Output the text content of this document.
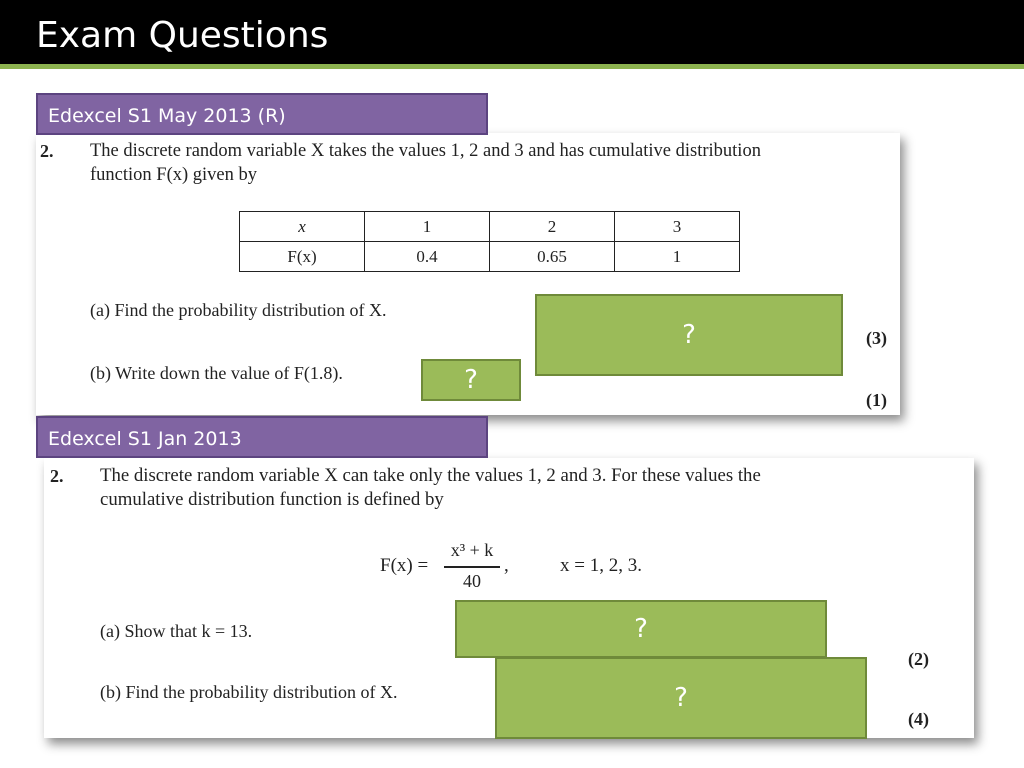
Exam Questions
2. The discrete random variable X takes the values 1, 2 and 3 and has cumulative distribution
function F(x) given by
x	1	2	3
F(x)	0.4	0.65	1
(a) Find the probability distribution of X.
(3)
(b) Write down the value of F(1.8).
(1)
Edexcel S1 May 2013 (R)
?
?
2. The discrete random variable X can take only the values 1, 2 and 3. For these values the
cumulative distribution function is defined by
F(x) =
x³ + k
40
,	x = 1, 2, 3.
(a) Show that k = 13.
(2)
(b) Find the probability distribution of X.
(4)
Edexcel S1 Jan 2013
?
?
